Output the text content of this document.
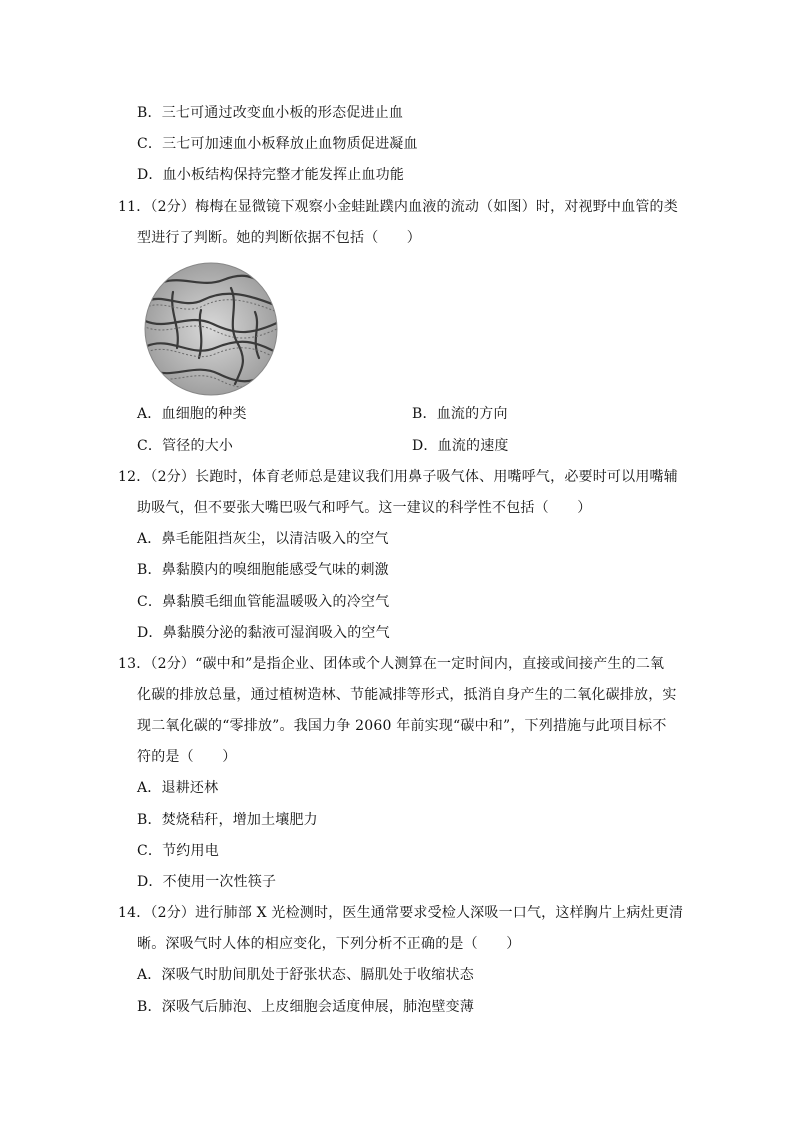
B．三七可通过改变血小板的形态促进止血
C．三七可加速血小板释放止血物质促进凝血
D．血小板结构保持完整才能发挥止血功能
11．（2分）梅梅在显微镜下观察小金蛙趾蹼内血液的流动（如图）时，对视野中血管的类
型进行了判断。她的判断依据不包括（　　）
A．血细胞的种类	B．血流的方向
C．管径的大小	D．血流的速度
12．（2分）长跑时，体育老师总是建议我们用鼻子吸气体、用嘴呼气，必要时可以用嘴辅
助吸气，但不要张大嘴巴吸气和呼气。这一建议的科学性不包括（　　）
A．鼻毛能阻挡灰尘，以清洁吸入的空气
B．鼻黏膜内的嗅细胞能感受气味的刺激
C．鼻黏膜毛细血管能温暖吸入的冷空气
D．鼻黏膜分泌的黏液可湿润吸入的空气
13．（2分）“碳中和”是指企业、团体或个人测算在一定时间内，直接或间接产生的二氧
化碳的排放总量，通过植树造林、节能减排等形式，抵消自身产生的二氧化碳排放，实
现二氧化碳的“零排放”。我国力争 2060 年前实现“碳中和”，下列措施与此项目标不
符的是（　　）
A．退耕还林
B．焚烧秸秆，增加土壤肥力
C．节约用电
D．不使用一次性筷子
14．（2分）进行肺部 X 光检测时，医生通常要求受检人深吸一口气，这样胸片上病灶更清
晰。深吸气时人体的相应变化，下列分析不正确的是（　　）
A．深吸气时肋间肌处于舒张状态、膈肌处于收缩状态
B．深吸气后肺泡、上皮细胞会适度伸展，肺泡壁变薄
